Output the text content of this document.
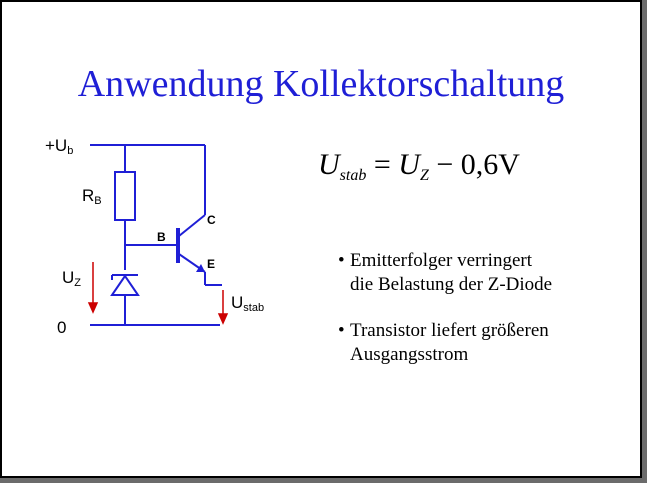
Anwendung Kollektorschaltung
$+U_b$
$R_B$
$U_Z$
0
B
C
E
$U_{stab}$
$U_{stab} = U_Z - 0,6V$
• Emitterfolger verringert
die Belastung der Z-Diode
• Transistor liefert größeren
Ausgangsstrom
